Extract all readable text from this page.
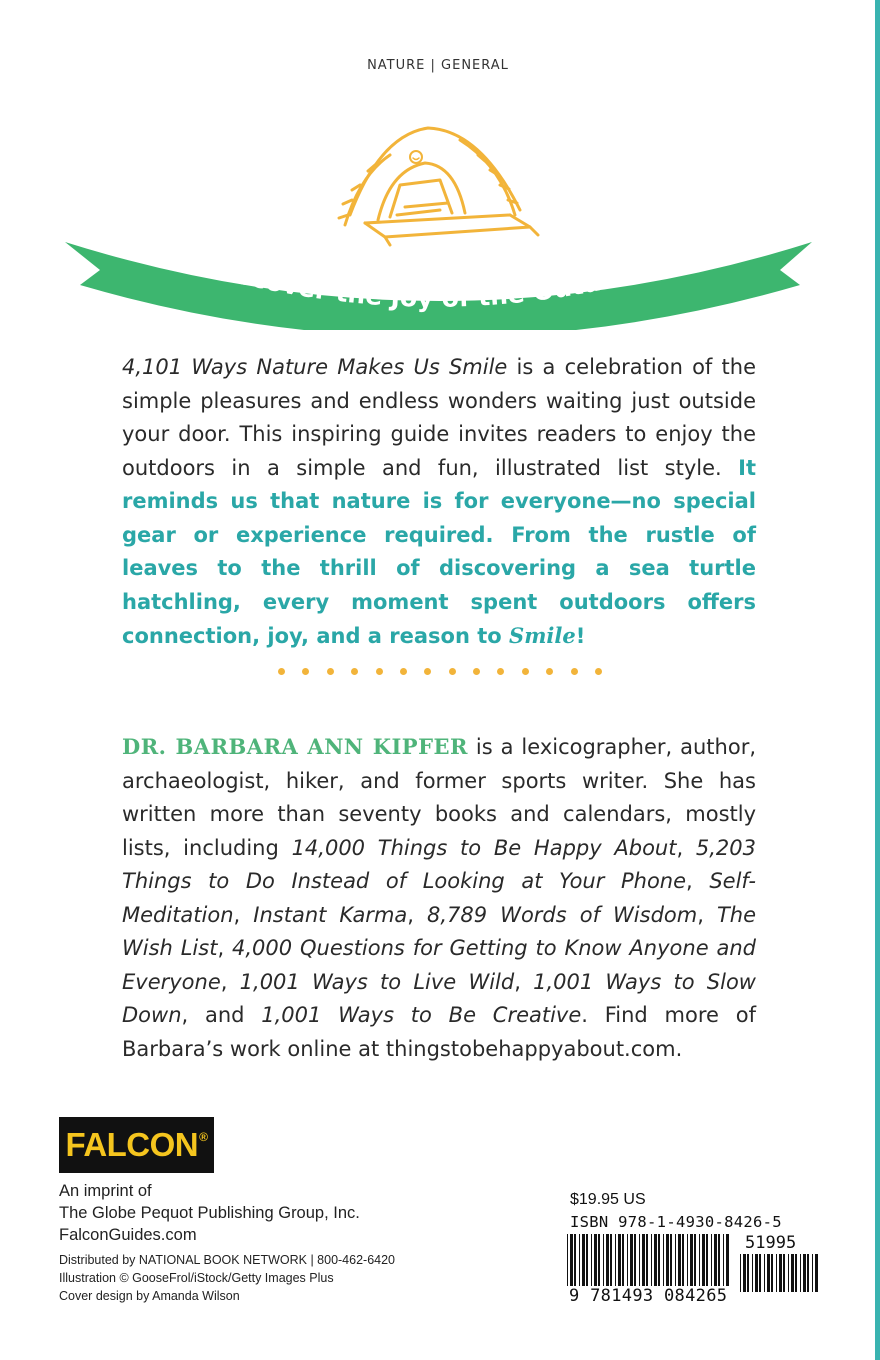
NATURE | GENERAL
Discover the Joy of the Outdoors!
4,101 Ways Nature Makes Us Smile is a celebration of the simple pleasures and endless wonders waiting just outside your door. This inspiring guide invites readers to enjoy the outdoors in a simple and fun, illustrated list style. It reminds us that nature is for everyone—no special gear or experience required. From the rustle of leaves to the thrill of discovering a sea turtle hatchling, every moment spent outdoors offers connection, joy, and a reason to Smile!
DR. BARBARA ANN KIPFER is a lexicographer, author, archaeologist, hiker, and former sports writer. She has written more than seventy books and calendars, mostly lists, including 14,000 Things to Be Happy About, 5,203 Things to Do Instead of Looking at Your Phone, Self-Meditation, Instant Karma, 8,789 Words of Wisdom, The Wish List, 4,000 Questions for Getting to Know Anyone and Everyone, 1,001 Ways to Live Wild, 1,001 Ways to Slow Down, and 1,001 Ways to Be Creative. Find more of Barbara’s work online at thingstobehappyabout.com.
FALCON®
An imprint of
The Globe Pequot Publishing Group, Inc.
FalconGuides.com
Distributed by NATIONAL BOOK NETWORK | 800-462-6420
Illustration © GooseFrol/iStock/Getty Images Plus
Cover design by Amanda Wilson
$19.95 US
ISBN 978-1-4930-8426-5
9 781493 084265
51995
